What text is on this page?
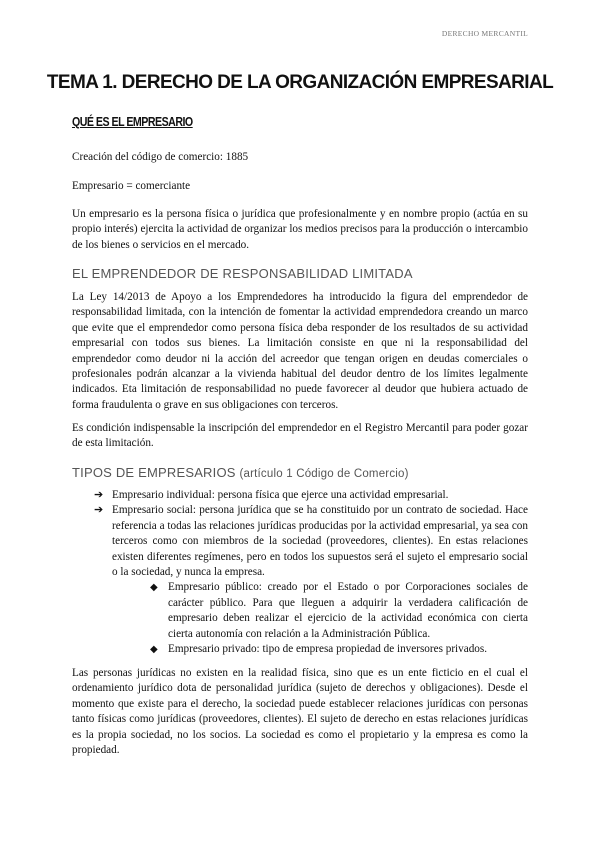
DERECHO MERCANTIL
TEMA 1. DERECHO DE LA ORGANIZACIÓN EMPRESARIAL
QUÉ ES EL EMPRESARIO

Creación del código de comercio: 1885

Empresario = comerciante

Un empresario es la persona física o jurídica que profesionalmente y en nombre propio (actúa en su propio interés) ejercita la actividad de organizar los medios precisos para la producción o intercambio de los bienes o servicios en el mercado.

EL EMPRENDEDOR DE RESPONSABILIDAD LIMITADA

La Ley 14/2013 de Apoyo a los Emprendedores ha introducido la figura del emprendedor de responsabilidad limitada, con la intención de fomentar la actividad emprendedora creando un marco que evite que el emprendedor como persona física deba responder de los resultados de su actividad empresarial con todos sus bienes. La limitación consiste en que ni la responsabilidad del emprendedor como deudor ni la acción del acreedor que tengan origen en deudas comerciales o profesionales podrán alcanzar a la vivienda habitual del deudor dentro de los límites legalmente indicados. Eta limitación de responsabilidad no puede favorecer al deudor que hubiera actuado de forma fraudulenta o grave en sus obligaciones con terceros.

Es condición indispensable la inscripción del emprendedor en el Registro Mercantil para poder gozar de esta limitación.

TIPOS DE EMPRESARIOS (artículo 1 Código de Comercio)
➔ Empresario individual: persona física que ejerce una actividad empresarial.
➔ Empresario social: persona jurídica que se ha constituido por un contrato de sociedad. Hace referencia a todas las relaciones jurídicas producidas por la actividad empresarial, ya sea con terceros como con miembros de la sociedad (proveedores, clientes). En estas relaciones existen diferentes regímenes, pero en todos los supuestos será el sujeto el empresario social o la sociedad, y nunca la empresa.
◆ Empresario público: creado por el Estado o por Corporaciones sociales de carácter público. Para que lleguen a adquirir la verdadera calificación de empresario deben realizar el ejercicio de la actividad económica con cierta cierta autonomía con relación a la Administración Pública.
◆ Empresario privado: tipo de empresa propiedad de inversores privados.

Las personas jurídicas no existen en la realidad física, sino que es un ente ficticio en el cual el ordenamiento jurídico dota de personalidad jurídica (sujeto de derechos y obligaciones). Desde el momento que existe para el derecho, la sociedad puede establecer relaciones jurídicas con personas tanto físicas como jurídicas (proveedores, clientes). El sujeto de derecho en estas relaciones jurídicas es la propia sociedad, no los socios. La sociedad es como el propietario y la empresa es como la propiedad.
